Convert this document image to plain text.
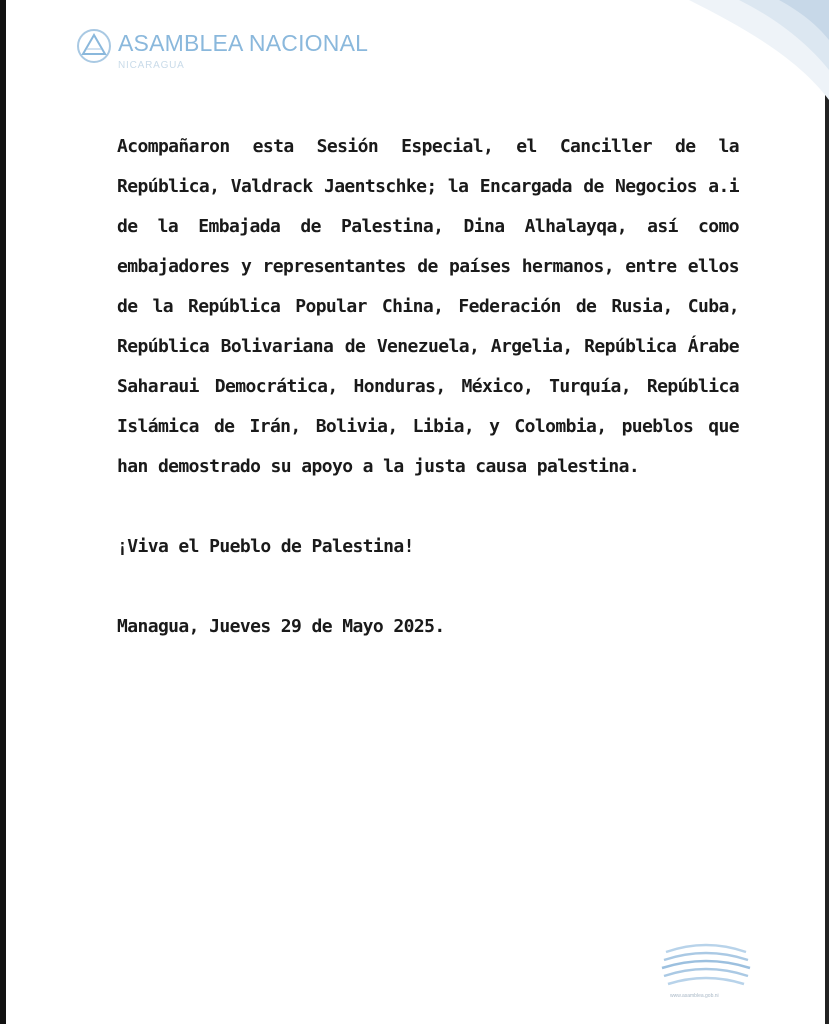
ASAMBLEA NACIONAL
NICARAGUA

Acompañaron esta Sesión Especial, el Canciller de la República, Valdrack Jaentschke; la Encargada de Negocios a.i de la Embajada de Palestina, Dina Alhalayqa, así como embajadores y representantes de países hermanos, entre ellos de la República Popular China, Federación de Rusia, Cuba, República Bolivariana de Venezuela, Argelia, República Árabe Saharaui Democrática, Honduras, México, Turquía, República Islámica de Irán, Bolivia, Libia, y Colombia, pueblos que han demostrado su apoyo a la justa causa palestina.

¡Viva el Pueblo de Palestina!

Managua, Jueves 29 de Mayo 2025.

www.asamblea.gob.ni
